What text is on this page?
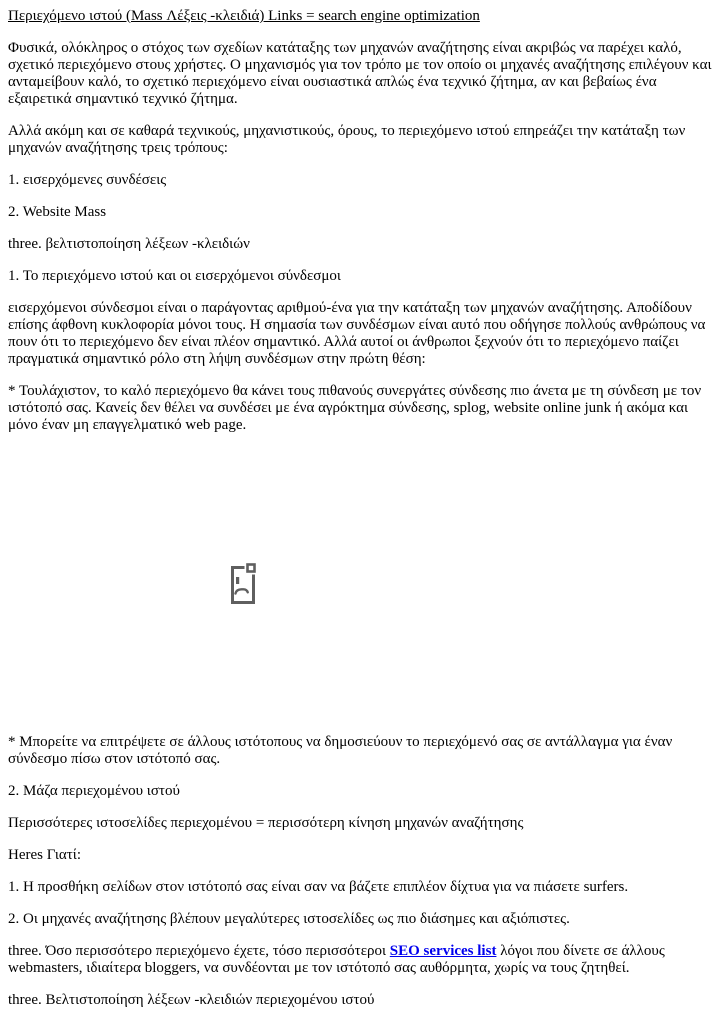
Περιεχόμενο ιστού (Mass Λέξεις -κλειδιά) Links = search engine optimization

Φυσικά, ολόκληρος ο στόχος των σχεδίων κατάταξης των μηχανών αναζήτησης είναι ακριβώς να παρέχει καλό, σχετικό περιεχόμενο στους χρήστες. Ο μηχανισμός για τον τρόπο με τον οποίο οι μηχανές αναζήτησης επιλέγουν και ανταμείβουν καλό, το σχετικό περιεχόμενο είναι ουσιαστικά απλώς ένα τεχνικό ζήτημα, αν και βεβαίως ένα εξαιρετικά σημαντικό τεχνικό ζήτημα.

Αλλά ακόμη και σε καθαρά τεχνικούς, μηχανιστικούς, όρους, το περιεχόμενο ιστού επηρεάζει την κατάταξη των μηχανών αναζήτησης τρεις τρόπους:

1. εισερχόμενες συνδέσεις

2. Website Mass

three. βελτιστοποίηση λέξεων -κλειδιών

1. Το περιεχόμενο ιστού και οι εισερχόμενοι σύνδεσμοι

εισερχόμενοι σύνδεσμοι είναι ο παράγοντας αριθμού-ένα για την κατάταξη των μηχανών αναζήτησης. Αποδίδουν επίσης άφθονη κυκλοφορία μόνοι τους. Η σημασία των συνδέσμων είναι αυτό που οδήγησε πολλούς ανθρώπους να πουν ότι το περιεχόμενο δεν είναι πλέον σημαντικό. Αλλά αυτοί οι άνθρωποι ξεχνούν ότι το περιεχόμενο παίζει πραγματικά σημαντικό ρόλο στη λήψη συνδέσμων στην πρώτη θέση:

* Τουλάχιστον, το καλό περιεχόμενο θα κάνει τους πιθανούς συνεργάτες σύνδεσης πιο άνετα με τη σύνδεση με τον ιστότοπό σας. Κανείς δεν θέλει να συνδέσει με ένα αγρόκτημα σύνδεσης, splog, website online junk ή ακόμα και μόνο έναν μη επαγγελματικό web page.

* Μπορείτε να επιτρέψετε σε άλλους ιστότοπους να δημοσιεύουν το περιεχόμενό σας σε αντάλλαγμα για έναν σύνδεσμο πίσω στον ιστότοπό σας.

2. Μάζα περιεχομένου ιστού

Περισσότερες ιστοσελίδες περιεχομένου = περισσότερη κίνηση μηχανών αναζήτησης

Heres Γιατί:

1. Η προσθήκη σελίδων στον ιστότοπό σας είναι σαν να βάζετε επιπλέον δίχτυα για να πιάσετε surfers.

2. Οι μηχανές αναζήτησης βλέπουν μεγαλύτερες ιστοσελίδες ως πιο διάσημες και αξιόπιστες.

three. Όσο περισσότερο περιεχόμενο έχετε, τόσο περισσότεροι SEO services list λόγοι που δίνετε σε άλλους webmasters, ιδιαίτερα bloggers, να συνδέονται με τον ιστότοπό σας αυθόρμητα, χωρίς να τους ζητηθεί.

three. Βελτιστοποίηση λέξεων -κλειδιών περιεχομένου ιστού
